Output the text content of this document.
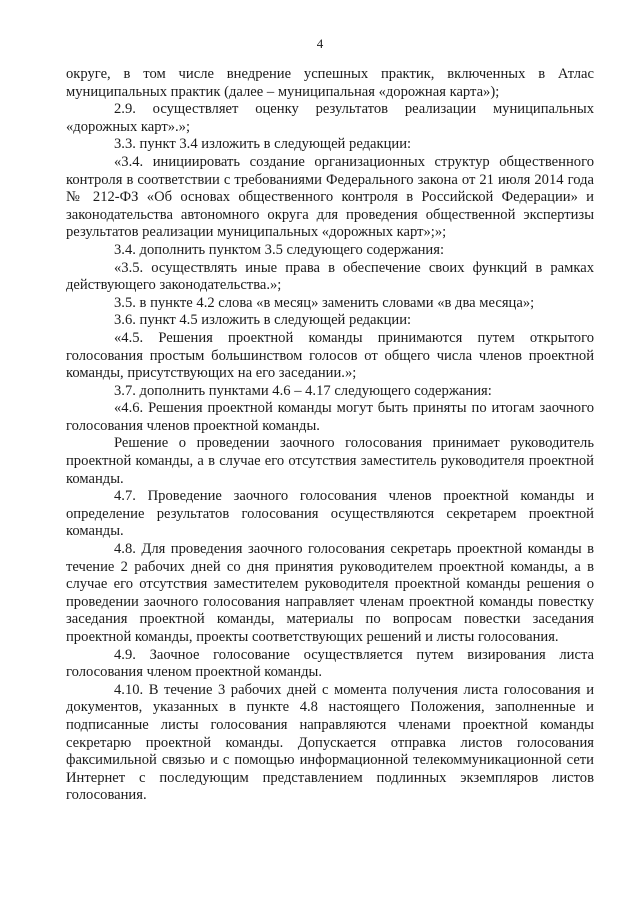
4

округе, в том числе внедрение успешных практик, включенных в Атлас муниципальных практик (далее – муниципальная «дорожная карта»);

2.9. осуществляет оценку результатов реализации муниципальных «дорожных карт».»;

3.3. пункт 3.4 изложить в следующей редакции:

«3.4. инициировать создание организационных структур общественного контроля в соответствии с требованиями Федерального закона от 21 июля 2014 года № 212-ФЗ «Об основах общественного контроля в Российской Федерации» и законодательства автономного округа для проведения общественной экспертизы результатов реализации муниципальных «дорожных карт»;»;

3.4. дополнить пунктом 3.5 следующего содержания:

«3.5. осуществлять иные права в обеспечение своих функций в рамках действующего законодательства.»;

3.5. в пункте 4.2 слова «в месяц» заменить словами «в два месяца»;

3.6. пункт 4.5 изложить в следующей редакции:

«4.5. Решения проектной команды принимаются путем открытого голосования простым большинством голосов от общего числа членов проектной команды, присутствующих на его заседании.»;

3.7. дополнить пунктами 4.6 – 4.17 следующего содержания:

«4.6. Решения проектной команды могут быть приняты по итогам заочного голосования членов проектной команды.

Решение о проведении заочного голосования принимает руководитель проектной команды, а в случае его отсутствия заместитель руководителя проектной команды.

4.7. Проведение заочного голосования членов проектной команды и определение результатов голосования осуществляются секретарем проектной команды.

4.8. Для проведения заочного голосования секретарь проектной команды в течение 2 рабочих дней со дня принятия руководителем проектной команды, а в случае его отсутствия заместителем руководителя проектной команды решения о проведении заочного голосования направляет членам проектной команды повестку заседания проектной команды, материалы по вопросам повестки заседания проектной команды, проекты соответствующих решений и листы голосования.

4.9. Заочное голосование осуществляется путем визирования листа голосования членом проектной команды.

4.10. В течение 3 рабочих дней с момента получения листа голосования и документов, указанных в пункте 4.8 настоящего Положения, заполненные и подписанные листы голосования направляются членами проектной команды секретарю проектной команды. Допускается отправка листов голосования факсимильной связью и с помощью информационной телекоммуникационной сети Интернет с последующим представлением подлинных экземпляров листов голосования.
